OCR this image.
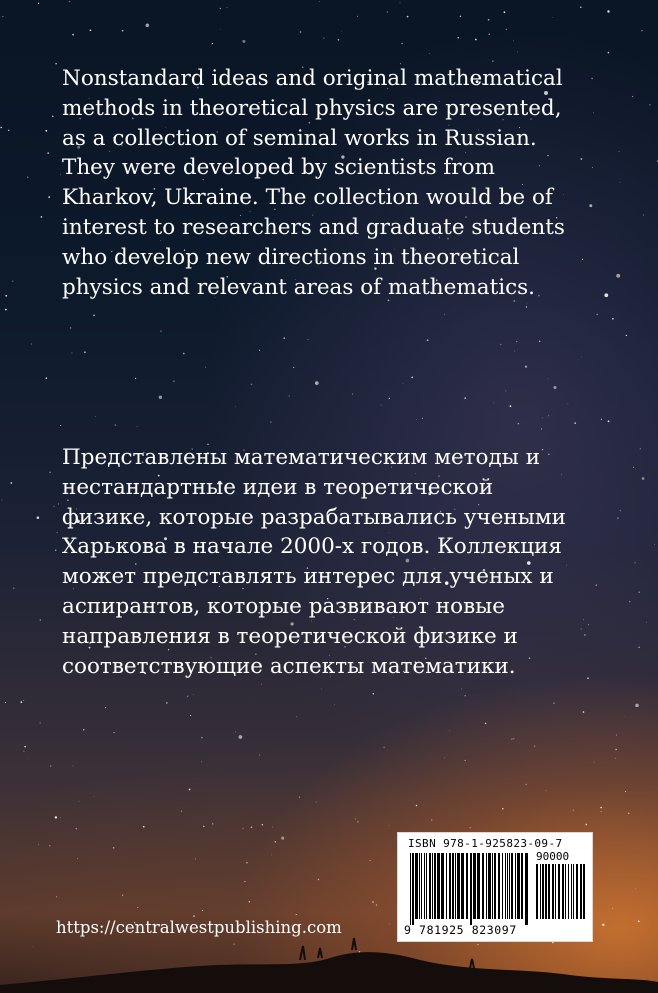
Nonstandard ideas and original mathematical
methods in theoretical physics are presented,
as a collection of seminal works in Russian.
They were developed by scientists from
Kharkov, Ukraine. The collection would be of
interest to researchers and graduate students
who develop new directions in theoretical
physics and relevant areas of mathematics.
Представлены математическим методы и
нестандартные идеи в теоретической
физике, которые разрабатывались учеными
Харькова в начале 2000-х годов. Коллекция
может представлять интерес для ученых и
аспирантов, которые развивают новые
направления в теоретической физике и
соответствующие аспекты математики.

https://centralwestpublishing.com

ISBN 978-1-925823-09-7
90000
9 781925 823097
